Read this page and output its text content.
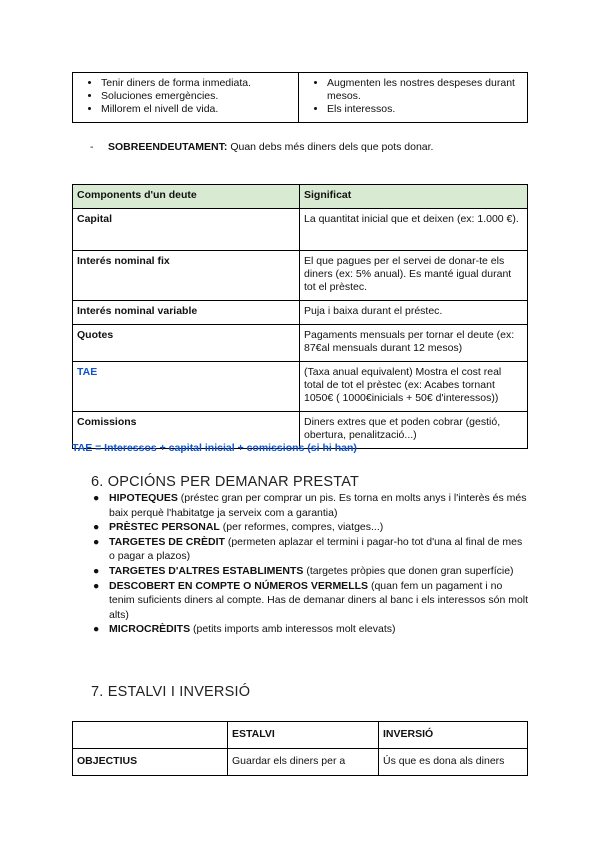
• Tenir diners de forma inmediata.
• Soluciones emergències.
• Millorem el nivell de vida.

• Augmenten les nostres despeses durant mesos.
• Els interessos.
- SOBREENDEUTAMENT: Quan debs més diners dels que pots donar.
Components d'un deute	Significat
Capital	La quantitat inicial que et deixen (ex: 1.000 €).
Interés nominal fix	El que pagues per el servei de donar-te els diners (ex: 5% anual). Es manté igual durant tot el prèstec.
Interés nominal variable	Puja i baixa durant el préstec.
Quotes	Pagaments mensuals per tornar el deute (ex: 87€al mensuals durant 12 mesos)
TAE	(Taxa anual equivalent) Mostra el cost real total de tot el prèstec (ex: Acabes tornant 1050€ ( 1000€inicials + 50€ d'interessos))
Comissions	Diners extres que et poden cobrar (gestió, obertura, penalització...)
TAE = Interessos + capital inicial + comissions (si hi han)
6. OPCIÓNS PER DEMANAR PRESTAT
● HIPOTEQUES (préstec gran per comprar un pis. Es torna en molts anys i l'interès és més baix perquè l'habitatge ja serveix com a garantia)
● PRÈSTEC PERSONAL (per reformes, compres, viatges...)
● TARGETES DE CRÈDIT (permeten aplazar el termini i pagar-ho tot d'una al final de mes o pagar a plazos)
● TARGETES D'ALTRES ESTABLIMENTS (targetes pròpies que donen gran superfície)
● DESCOBERT EN COMPTE O NÚMEROS VERMELLS (quan fem un pagament i no tenim suficients diners al compte. Has de demanar diners al banc i els interessos són molt alts)
● MICROCRÈDITS (petits imports amb interessos molt elevats)
7. ESTALVI I INVERSIÓ
	ESTALVI	INVERSIÓ
OBJECTIUS	Guardar els diners per a	Ús que es dona als diners
